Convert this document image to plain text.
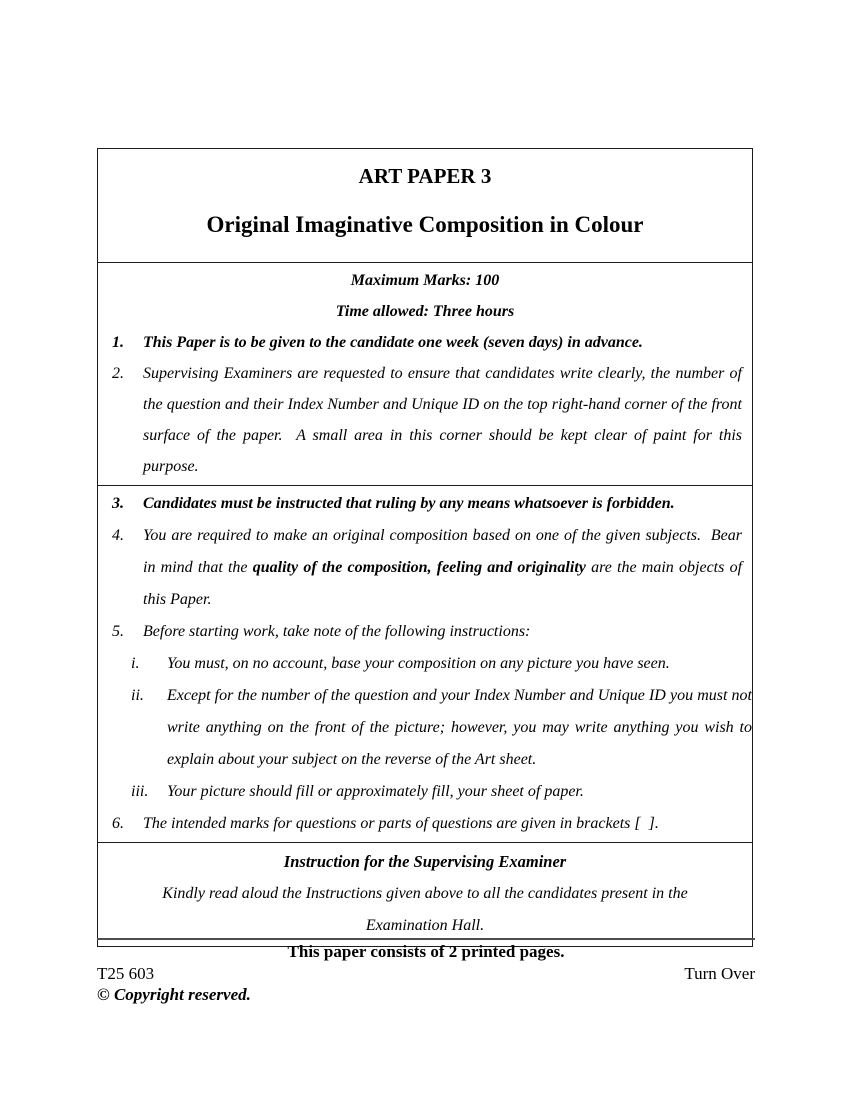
ART PAPER 3
Original Imaginative Composition in Colour
Maximum Marks: 100
Time allowed: Three hours
1.	This Paper is to be given to the candidate one week (seven days) in advance.
2.	Supervising Examiners are requested to ensure that candidates write clearly, the number of the question and their Index Number and Unique ID on the top right-hand corner of the front surface of the paper.  A small area in this corner should be kept clear of paint for this purpose.
3.	Candidates must be instructed that ruling by any means whatsoever is forbidden.
4.	You are required to make an original composition based on one of the given subjects.  Bear in mind that the quality of the composition, feeling and originality are the main objects of this Paper.
5.	Before starting work, take note of the following instructions:
i.	You must, on no account, base your composition on any picture you have seen.
ii.	Except for the number of the question and your Index Number and Unique ID you must not write anything on the front of the picture; however, you may write anything you wish to explain about your subject on the reverse of the Art sheet.
iii.	Your picture should fill or approximately fill, your sheet of paper.
6.	The intended marks for questions or parts of questions are given in brackets [  ].
Instruction for the Supervising Examiner
Kindly read aloud the Instructions given above to all the candidates present in the Examination Hall.
This paper consists of 2 printed pages.
T25 603	Turn Over
© Copyright reserved.
